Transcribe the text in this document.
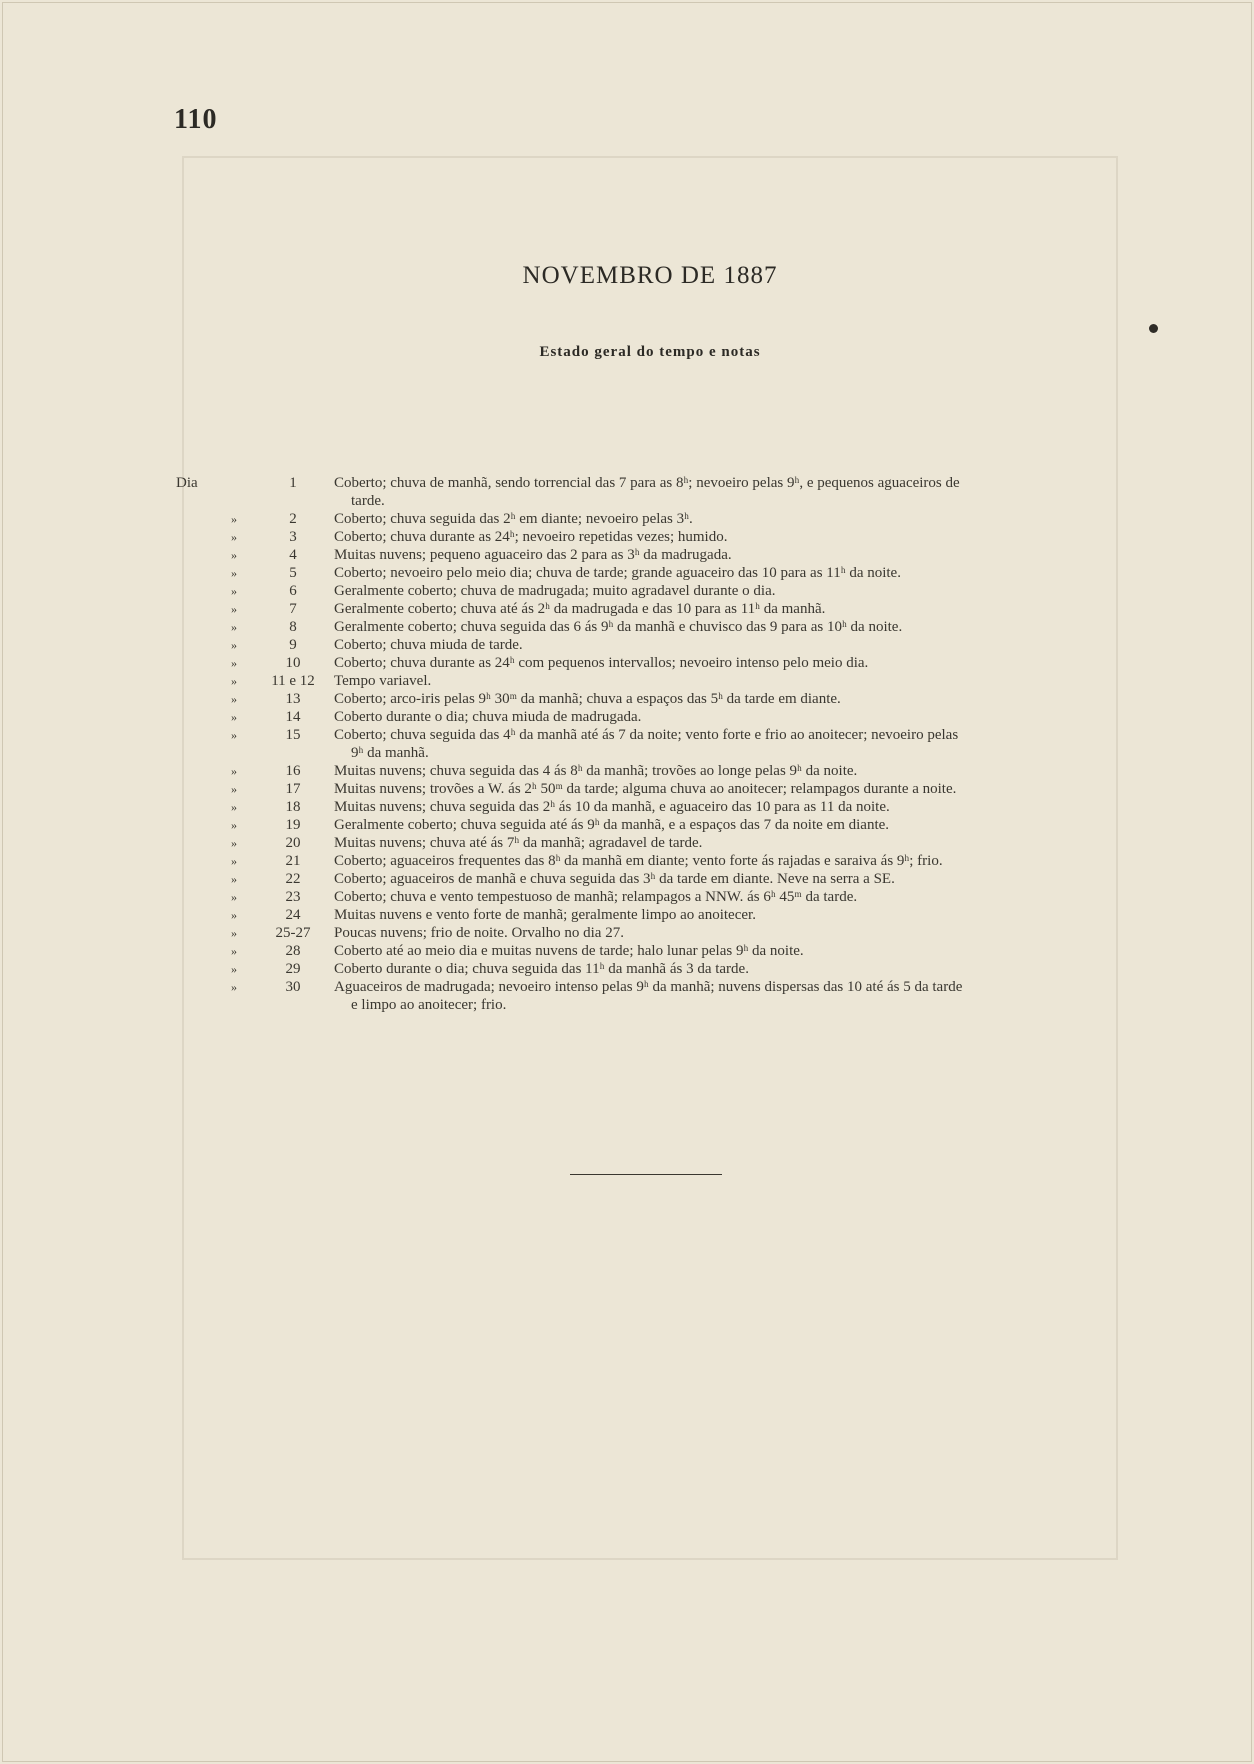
110
NOVEMBRO DE 1887
Estado geral do tempo e notas
Dia	1	Coberto; chuva de manhã, sendo torrencial das 7 para as 8ʰ; nevoeiro pelas 9ʰ, e pequenos aguaceiros de
tarde.
»	2	Coberto; chuva seguida das 2ʰ em diante; nevoeiro pelas 3ʰ.
»	3	Coberto; chuva durante as 24ʰ; nevoeiro repetidas vezes; humido.
»	4	Muitas nuvens; pequeno aguaceiro das 2 para as 3ʰ da madrugada.
»	5	Coberto; nevoeiro pelo meio dia; chuva de tarde; grande aguaceiro das 10 para as 11ʰ da noite.
»	6	Geralmente coberto; chuva de madrugada; muito agradavel durante o dia.
»	7	Geralmente coberto; chuva até ás 2ʰ da madrugada e das 10 para as 11ʰ da manhã.
»	8	Geralmente coberto; chuva seguida das 6 ás 9ʰ da manhã e chuvisco das 9 para as 10ʰ da noite.
»	9	Coberto; chuva miuda de tarde.
»	10	Coberto; chuva durante as 24ʰ com pequenos intervallos; nevoeiro intenso pelo meio dia.
»	11 e 12	Tempo variavel.
»	13	Coberto; arco-iris pelas 9ʰ 30ᵐ da manhã; chuva a espaços das 5ʰ da tarde em diante.
»	14	Coberto durante o dia; chuva miuda de madrugada.
»	15	Coberto; chuva seguida das 4ʰ da manhã até ás 7 da noite; vento forte e frio ao anoitecer; nevoeiro pelas
9ʰ da manhã.
»	16	Muitas nuvens; chuva seguida das 4 ás 8ʰ da manhã; trovões ao longe pelas 9ʰ da noite.
»	17	Muitas nuvens; trovões a W. ás 2ʰ 50ᵐ da tarde; alguma chuva ao anoitecer; relampagos durante a noite.
»	18	Muitas nuvens; chuva seguida das 2ʰ ás 10 da manhã, e aguaceiro das 10 para as 11 da noite.
»	19	Geralmente coberto; chuva seguida até ás 9ʰ da manhã, e a espaços das 7 da noite em diante.
»	20	Muitas nuvens; chuva até ás 7ʰ da manhã; agradavel de tarde.
»	21	Coberto; aguaceiros frequentes das 8ʰ da manhã em diante; vento forte ás rajadas e saraiva ás 9ʰ; frio.
»	22	Coberto; aguaceiros de manhã e chuva seguida das 3ʰ da tarde em diante. Neve na serra a SE.
»	23	Coberto; chuva e vento tempestuoso de manhã; relampagos a NNW. ás 6ʰ 45ᵐ da tarde.
»	24	Muitas nuvens e vento forte de manhã; geralmente limpo ao anoitecer.
»	25-27	Poucas nuvens; frio de noite. Orvalho no dia 27.
»	28	Coberto até ao meio dia e muitas nuvens de tarde; halo lunar pelas 9ʰ da noite.
»	29	Coberto durante o dia; chuva seguida das 11ʰ da manhã ás 3 da tarde.
»	30	Aguaceiros de madrugada; nevoeiro intenso pelas 9ʰ da manhã; nuvens dispersas das 10 até ás 5 da tarde
e limpo ao anoitecer; frio.
